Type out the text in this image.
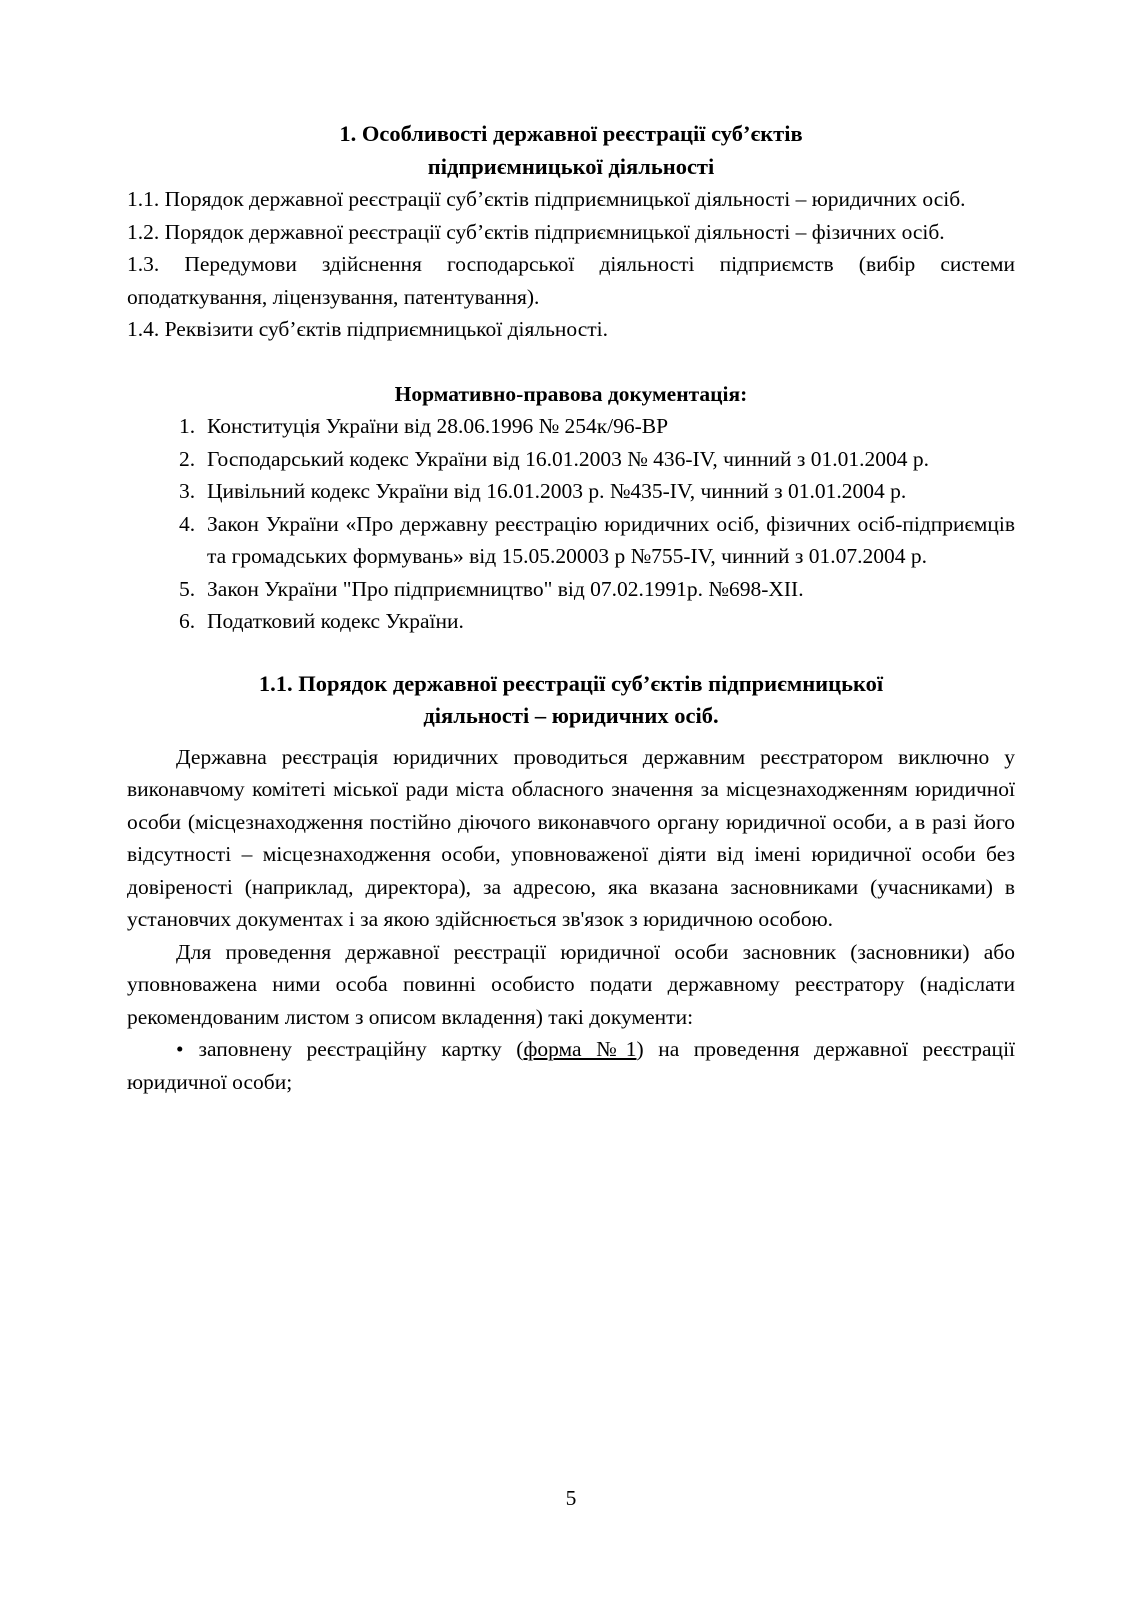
1. Особливості державної реєстрації суб’єктів
підприємницької діяльності

1.1. Порядок державної реєстрації суб’єктів підприємницької діяльності – юридичних осіб.

1.2. Порядок державної реєстрації суб’єктів підприємницької діяльності – фізичних осіб.

1.3. Передумови здійснення господарської діяльності підприємств (вибір системи оподаткування, ліцензування, патентування).

1.4. Реквізити суб’єктів підприємницької діяльності.

Нормативно-правова документація:
1. Конституція України від 28.06.1996 № 254к/96-ВР
2. Господарський кодекс України від 16.01.2003 № 436-IV, чинний з 01.01.2004 р.
3. Цивільний кодекс України від 16.01.2003 р. №435-IV, чинний з 01.01.2004 р.
4. Закон України «Про державну реєстрацію юридичних осіб, фізичних осіб-підприємців та громадських формувань» від 15.05.20003 р №755-IV, чинний з 01.07.2004 р.
5. Закон України "Про підприємництво" від 07.02.1991р. №698-XII.
6. Податковий кодекс України.
1.1. Порядок державної реєстрації суб’єктів підприємницької
діяльності – юридичних осіб.

Державна реєстрація юридичних проводиться державним реєстратором виключно у виконавчому комітеті міської ради міста обласного значення за місцезнаходженням юридичної особи (місцезнаходження постійно діючого виконавчого органу юридичної особи, а в разі його відсутності – місцезнаходження особи, уповноваженої діяти від імені юридичної особи без довіреності (наприклад, директора), за адресою, яка вказана засновниками (учасниками) в установчих документах і за якою здійснюється зв'язок з юридичною особою.

Для проведення державної реєстрації юридичної особи засновник (засновники) або уповноважена ними особа повинні особисто подати державному реєстратору (надіслати рекомендованим листом з описом вкладення) такі документи:

• заповнену реєстраційну картку (форма №1) на проведення державної реєстрації юридичної особи;

5
